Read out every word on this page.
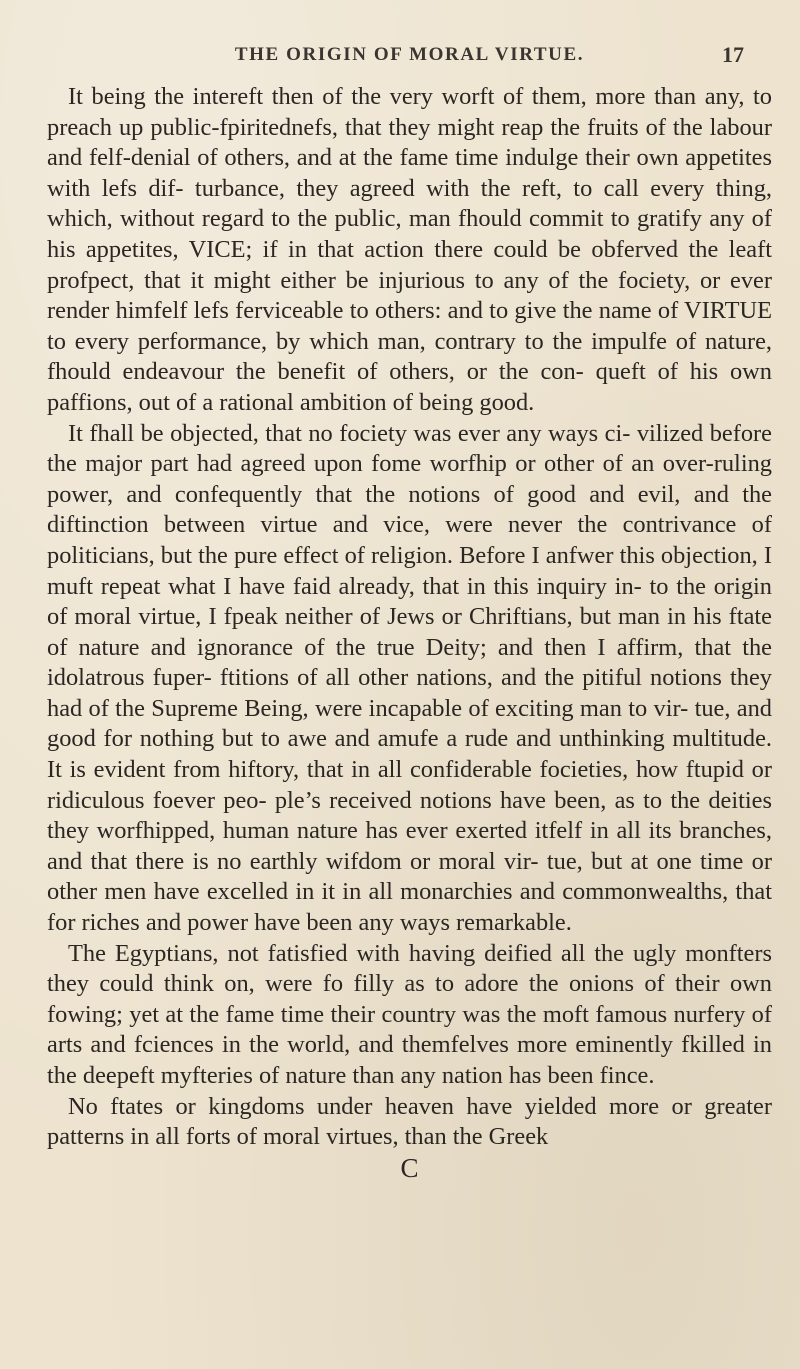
THE ORIGIN OF MORAL VIRTUE.	17

It being the intereft then of the very worft of them, more than any, to preach up public-fpiritednefs, that they might reap the fruits of the labour and felf-denial of others, and at the fame time indulge their own appetites with lefs dif- turbance, they agreed with the reft, to call every thing, which, without regard to the public, man fhould commit to gratify any of his appetites, VICE; if in that action there could be obferved the leaft profpect, that it might either be injurious to any of the fociety, or ever render himfelf lefs ferviceable to others: and to give the name of VIRTUE to every performance, by which man, contrary to the impulfe of nature, fhould endeavour the benefit of others, or the con- queft of his own paffions, out of a rational ambition of being good.

It fhall be objected, that no fociety was ever any ways ci- vilized before the major part had agreed upon fome worfhip or other of an over-ruling power, and confequently that the notions of good and evil, and the diftinction between virtue and vice, were never the contrivance of politicians, but the pure effect of religion. Before I anfwer this objection, I muft repeat what I have faid already, that in this inquiry in- to the origin of moral virtue, I fpeak neither of Jews or Chriftians, but man in his ftate of nature and ignorance of the true Deity; and then I affirm, that the idolatrous fuper- ftitions of all other nations, and the pitiful notions they had of the Supreme Being, were incapable of exciting man to vir- tue, and good for nothing but to awe and amufe a rude and unthinking multitude. It is evident from hiftory, that in all confiderable focieties, how ftupid or ridiculous foever peo- ple’s received notions have been, as to the deities they worfhipped, human nature has ever exerted itfelf in all its branches, and that there is no earthly wifdom or moral vir- tue, but at one time or other men have excelled in it in all monarchies and commonwealths, that for riches and power have been any ways remarkable.

The Egyptians, not fatisfied with having deified all the ugly monfters they could think on, were fo filly as to adore the onions of their own fowing; yet at the fame time their country was the moft famous nurfery of arts and fciences in the world, and themfelves more eminently fkilled in the deepeft myfteries of nature than any nation has been fince.

No ftates or kingdoms under heaven have yielded more or greater patterns in all forts of moral virtues, than the Greek

C
